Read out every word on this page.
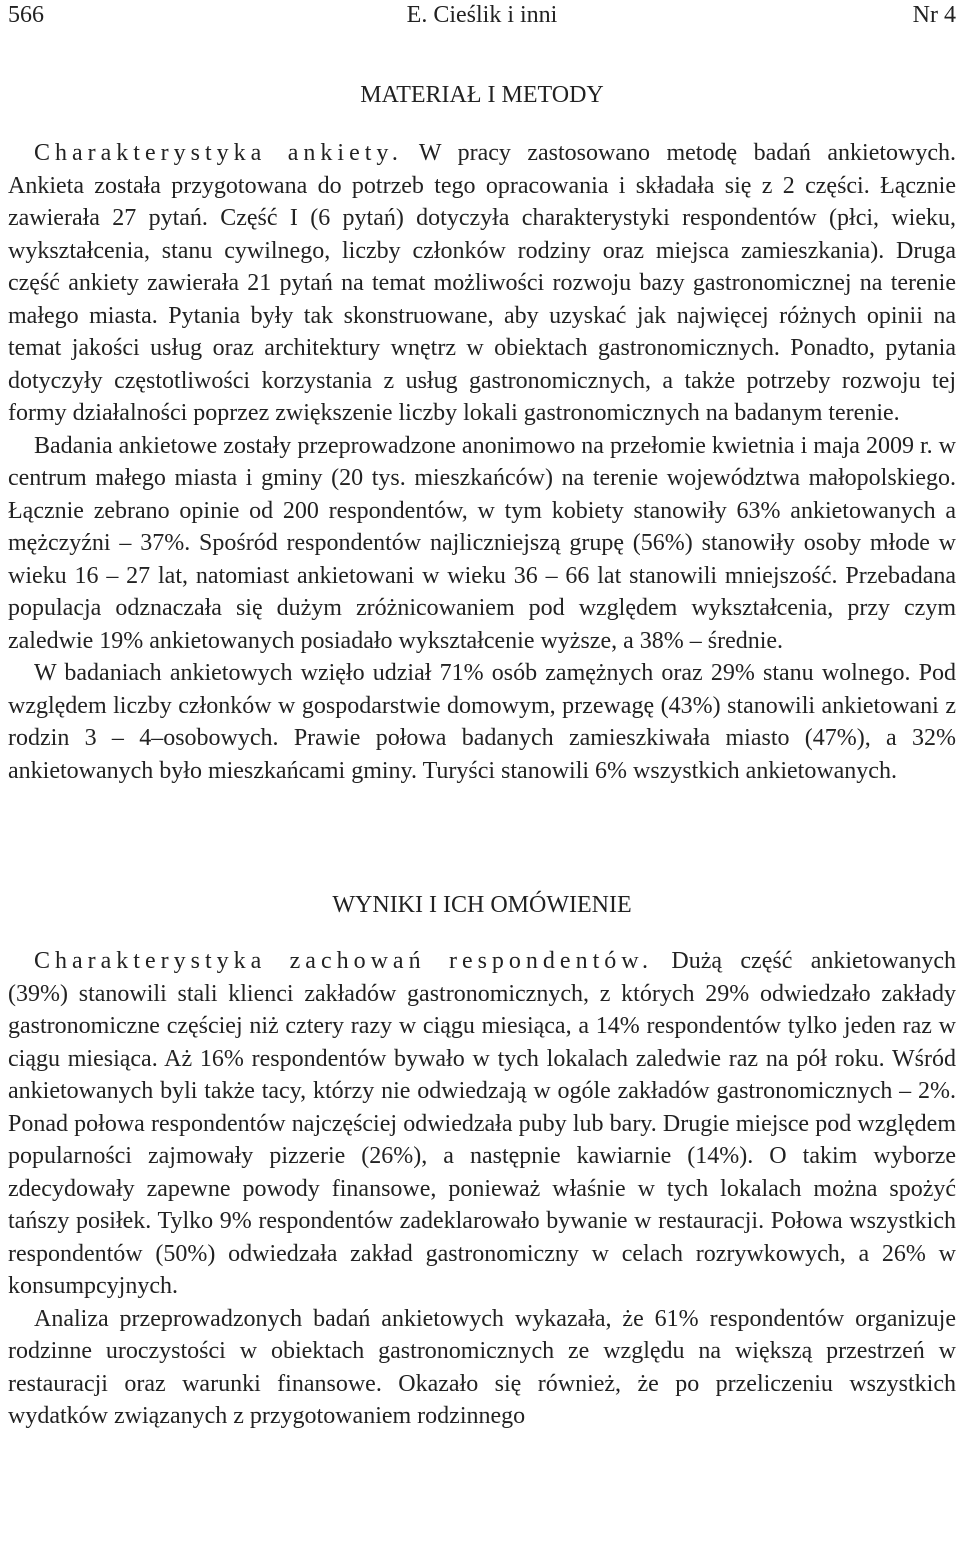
566	E. Cieślik i inni	Nr 4
MATERIAŁ I METODY

Charakterystyka ankiety. W pracy zastosowano metodę badań ankietowych. Ankieta została przygotowana do potrzeb tego opracowania i składała się z 2 części. Łącznie zawierała 27 pytań. Część I (6 pytań) dotyczyła charakterystyki respondentów (płci, wieku, wykształcenia, stanu cywilnego, liczby członków rodziny oraz miejsca zamieszkania). Druga część ankiety zawierała 21 pytań na temat możliwości rozwoju bazy gastronomicznej na terenie małego miasta. Pytania były tak skonstruowane, aby uzyskać jak najwięcej różnych opinii na temat jakości usług oraz architektury wnętrz w obiektach gastronomicznych. Ponadto, pytania dotyczyły częstotliwości korzystania z usług gastronomicznych, a także potrzeby rozwoju tej formy działalności poprzez zwiększenie liczby lokali gastronomicznych na badanym terenie.

Badania ankietowe zostały przeprowadzone anonimowo na przełomie kwietnia i maja 2009 r. w centrum małego miasta i gminy (20 tys. mieszkańców) na terenie województwa małopolskiego. Łącznie zebrano opinie od 200 respondentów, w tym kobiety stanowiły 63% ankietowanych a mężczyźni – 37%. Spośród respondentów najliczniejszą grupę (56%) stanowiły osoby młode w wieku 16 – 27 lat, natomiast ankietowani w wieku 36 – 66 lat stanowili mniejszość. Przebadana populacja odznaczała się dużym zróżnicowaniem pod względem wykształcenia, przy czym zaledwie 19% ankietowanych posiadało wykształcenie wyższe, a 38% – średnie.

W badaniach ankietowych wzięło udział 71% osób zamężnych oraz 29% stanu wolnego. Pod względem liczby członków w gospodarstwie domowym, przewagę (43%) stanowili ankietowani z rodzin 3 – 4–osobowych. Prawie połowa badanych zamieszkiwała miasto (47%), a 32% ankietowanych było mieszkańcami gminy. Turyści stanowili 6% wszystkich ankietowanych.

WYNIKI I ICH OMÓWIENIE

Charakterystyka zachowań respondentów. Dużą część ankietowanych (39%) stanowili stali klienci zakładów gastronomicznych, z których 29% odwiedzało zakłady gastronomiczne częściej niż cztery razy w ciągu miesiąca, a 14% respondentów tylko jeden raz w ciągu miesiąca. Aż 16% respondentów bywało w tych lokalach zaledwie raz na pół roku. Wśród ankietowanych byli także tacy, którzy nie odwiedzają w ogóle zakładów gastronomicznych – 2%. Ponad połowa respondentów najczęściej odwiedzała puby lub bary. Drugie miejsce pod względem popularności zajmowały pizzerie (26%), a następnie kawiarnie (14%). O takim wyborze zdecydowały zapewne powody finansowe, ponieważ właśnie w tych lokalach można spożyć tańszy posiłek. Tylko 9% respondentów zadeklarowało bywanie w restauracji. Połowa wszystkich respondentów (50%) odwiedzała zakład gastronomiczny w celach rozrywkowych, a 26% w konsumpcyjnych.

Analiza przeprowadzonych badań ankietowych wykazała, że 61% respondentów organizuje rodzinne uroczystości w obiektach gastronomicznych ze względu na większą przestrzeń w restauracji oraz warunki finansowe. Okazało się również, że po przeliczeniu wszystkich wydatków związanych z przygotowaniem rodzinnego
